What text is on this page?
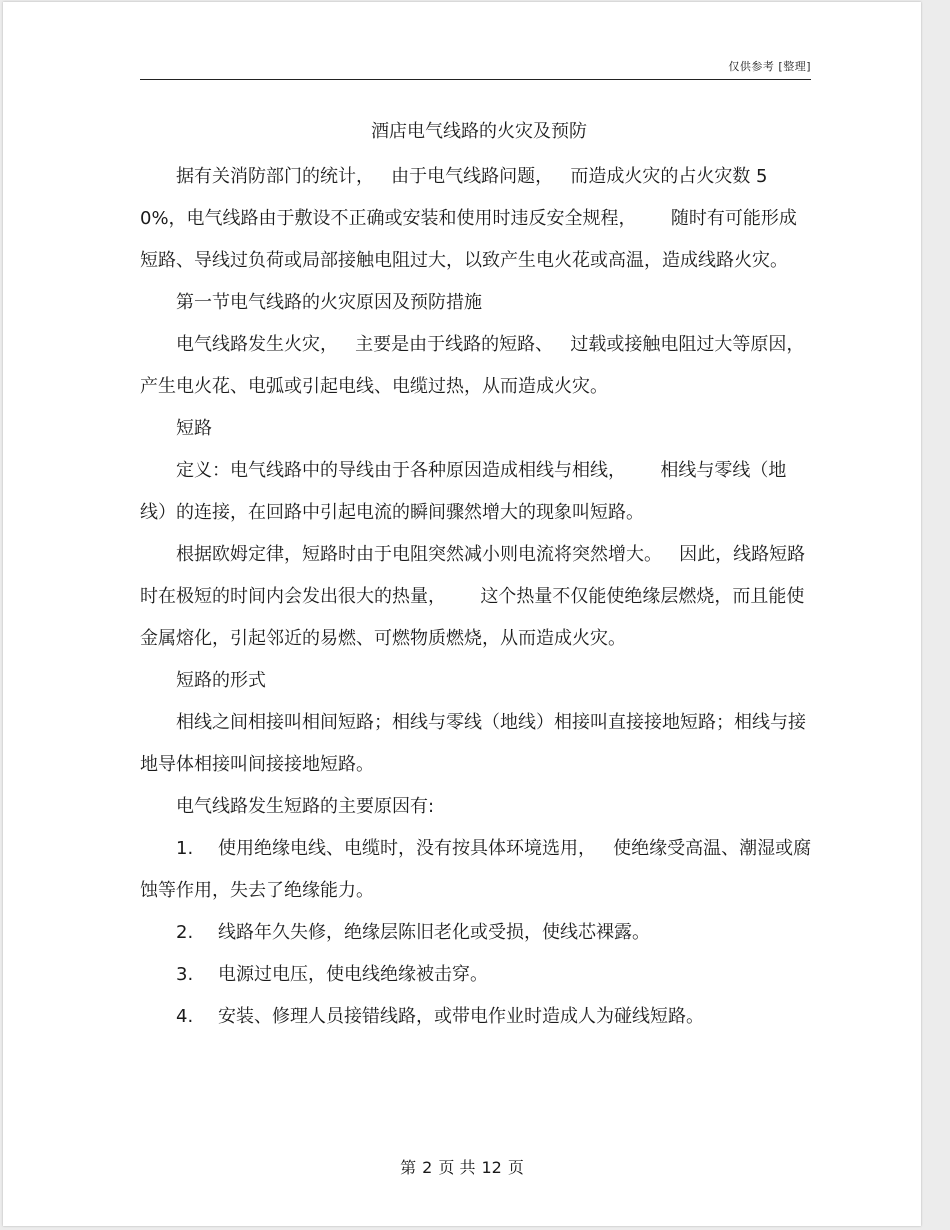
仅供参考 [整理]
酒店电气线路的火灾及预防

据有关消防部门的统计，   由于电气线路问题，   而造成火灾的占火灾数 50%，电气线路由于敷设不正确或安装和使用时违反安全规程，      随时有可能形成短路、导线过负荷或局部接触电阻过大，以致产生电火花或高温，造成线路火灾。

第一节电气线路的火灾原因及预防措施

电气线路发生火灾，   主要是由于线路的短路、   过载或接触电阻过大等原因，产生电火花、电弧或引起电线、电缆过热，从而造成火灾。

短路

定义：电气线路中的导线由于各种原因造成相线与相线，      相线与零线（地线）的连接，在回路中引起电流的瞬间骤然增大的现象叫短路。

根据欧姆定律，短路时由于电阻突然减小则电流将突然增大。   因此，线路短路时在极短的时间内会发出很大的热量，      这个热量不仅能使绝缘层燃烧，而且能使金属熔化，引起邻近的易燃、可燃物质燃烧，从而造成火灾。

短路的形式

相线之间相接叫相间短路；相线与零线（地线）相接叫直接接地短路；相线与接地导体相接叫间接接地短路。

电气线路发生短路的主要原因有:

1. 使用绝缘电线、电缆时，没有按具体环境选用，   使绝缘受高温、潮湿或腐蚀等作用，失去了绝缘能力。

2. 线路年久失修，绝缘层陈旧老化或受损，使线芯裸露。

3. 电源过电压，使电线绝缘被击穿。

4. 安装、修理人员接错线路，或带电作业时造成人为碰线短路。

第 2 页 共 12 页
